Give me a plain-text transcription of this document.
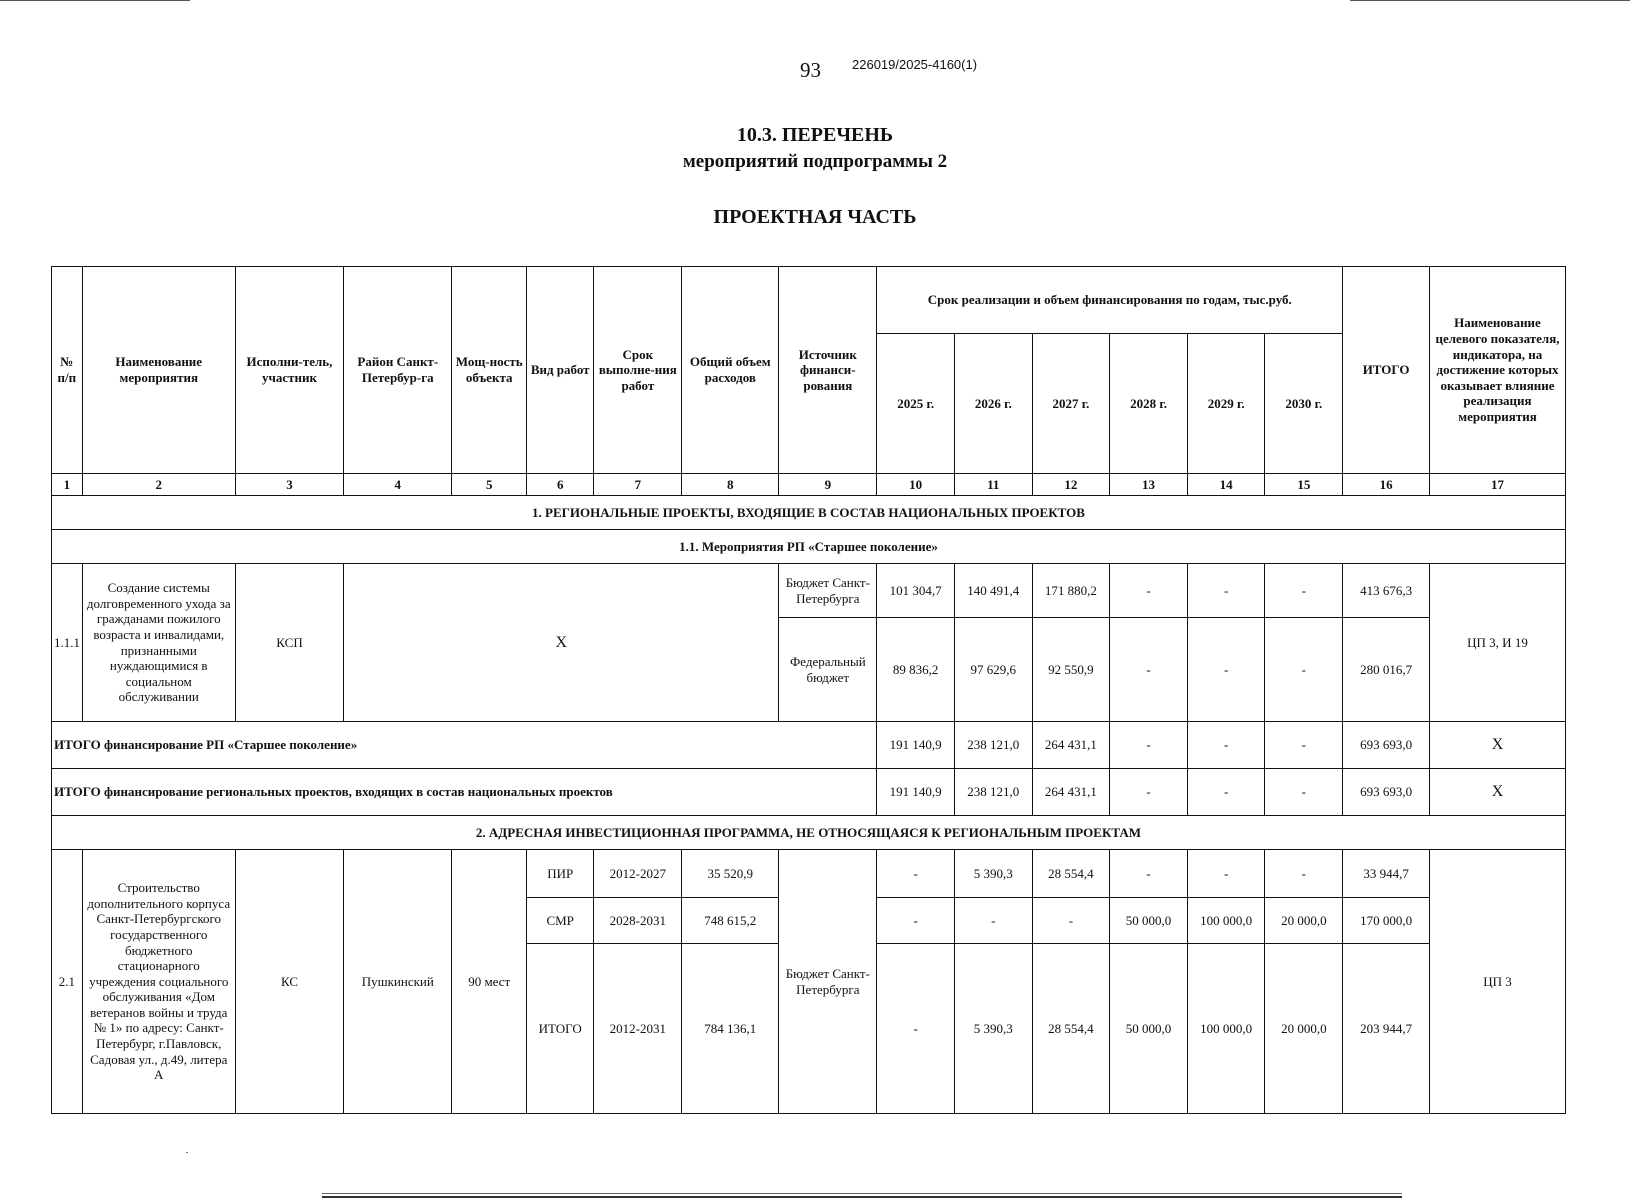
93 226019/2025-4160(1)
10.3. ПЕРЕЧЕНЬ
мероприятий подпрограммы 2
ПРОЕКТНАЯ ЧАСТЬ
№ п/п	Наименование мероприятия	Исполни-тель, участник	Район Санкт-Петербур-га	Мощ-ность объекта	Вид работ	Срок выполне-ния работ	Общий объем расходов	Источник финанси-рования	Срок реализации и объем финансирования по годам, тыс.руб.						ИТОГО	Наименование целевого показателя, индикатора, на достижение которых оказывает влияние реализация мероприятия
									2025 г.	2026 г.	2027 г.	2028 г.	2029 г.	2030 г.		
1	2	3	4	5	6	7	8	9	10	11	12	13	14	15	16	17
1. РЕГИОНАЛЬНЫЕ ПРОЕКТЫ, ВХОДЯЩИЕ В СОСТАВ НАЦИОНАЛЬНЫХ ПРОЕКТОВ																
1.1. Мероприятия РП «Старшее поколение»																
1.1.1	Создание системы долговременного ухода за гражданами пожилого возраста и инвалидами, признанными нуждающимися в социальном обслуживании	КСП	Х					Бюджет Санкт-Петербурга	101 304,7	140 491,4	171 880,2	-	-	-	413 676,3	ЦП 3, И 19
								Федеральный бюджет	89 836,2	97 629,6	92 550,9	-	-	-	280 016,7	
ИТОГО финансирование РП «Старшее поколение»									191 140,9	238 121,0	264 431,1	-	-	-	693 693,0	Х
ИТОГО финансирование региональных проектов, входящих в состав национальных проектов									191 140,9	238 121,0	264 431,1	-	-	-	693 693,0	Х
2. АДРЕСНАЯ ИНВЕСТИЦИОННАЯ ПРОГРАММА, НЕ ОТНОСЯЩАЯСЯ К РЕГИОНАЛЬНЫМ ПРОЕКТАМ																
2.1	Строительство дополнительного корпуса Санкт-Петербургского государственного бюджетного стационарного учреждения социального обслуживания «Дом ветеранов войны и труда № 1» по адресу: Санкт-Петербург, г.Павловск, Садовая ул., д.49, литера А	КС	Пушкинский	90 мест	ПИР	2012-2027	35 520,9	Бюджет Санкт-Петербурга	-	5 390,3	28 554,4	-	-	-	33 944,7	ЦП 3
					СМР	2028-2031	748 615,2		-	-	-	50 000,0	100 000,0	20 000,0	170 000,0	
					ИТОГО	2012-2031	784 136,1		-	5 390,3	28 554,4	50 000,0	100 000,0	20 000,0	203 944,7	
